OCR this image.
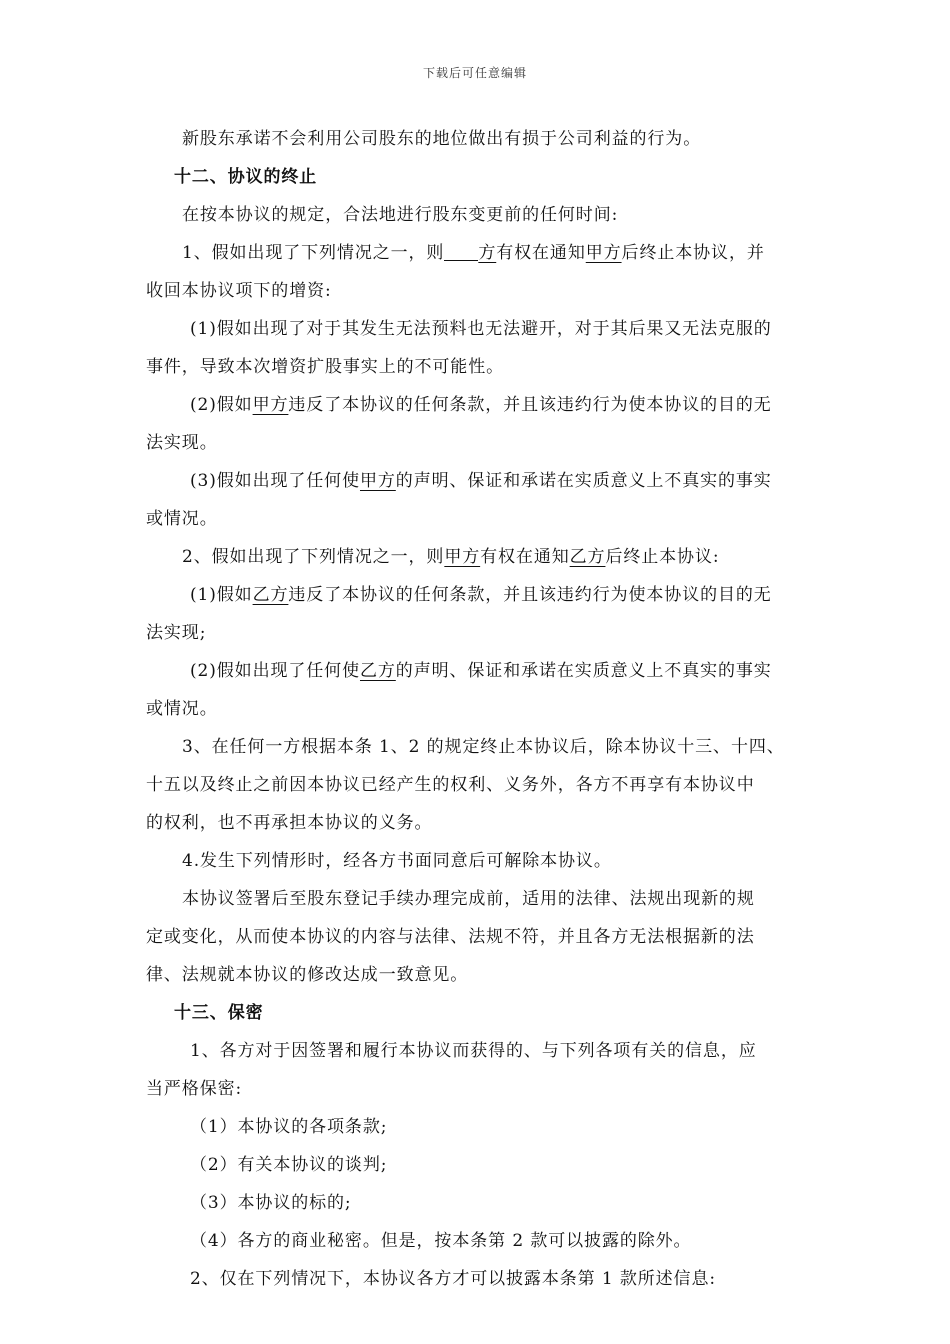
下载后可任意编辑
新股东承诺不会利用公司股东的地位做出有损于公司利益的行为。
十二、协议的终止
在按本协议的规定，合法地进行股东变更前的任何时间:
1、假如出现了下列情况之一，则 方有权在通知甲方后终止本协议，并
收回本协议项下的增资:
(1)假如出现了对于其发生无法预料也无法避开，对于其后果又无法克服的
事件，导致本次增资扩股事实上的不可能性。
(2)假如甲方违反了本协议的任何条款，并且该违约行为使本协议的目的无
法实现。
(3)假如出现了任何使甲方的声明、保证和承诺在实质意义上不真实的事实
或情况。
2、假如出现了下列情况之一，则甲方有权在通知乙方后终止本协议:
(1)假如乙方违反了本协议的任何条款，并且该违约行为使本协议的目的无
法实现;
(2)假如出现了任何使乙方的声明、保证和承诺在实质意义上不真实的事实
或情况。
3、在任何一方根据本条 1、2 的规定终止本协议后，除本协议十三、十四、
十五以及终止之前因本协议已经产生的权利、义务外，各方不再享有本协议中
的权利，也不再承担本协议的义务。
4.发生下列情形时，经各方书面同意后可解除本协议。
本协议签署后至股东登记手续办理完成前，适用的法律、法规出现新的规
定或变化，从而使本协议的内容与法律、法规不符，并且各方无法根据新的法
律、法规就本协议的修改达成一致意见。
十三、保密
1、各方对于因签署和履行本协议而获得的、与下列各项有关的信息，应
当严格保密:
（1）本协议的各项条款;
（2）有关本协议的谈判;
（3）本协议的标的;
（4）各方的商业秘密。但是，按本条第 2 款可以披露的除外。
2、仅在下列情况下，本协议各方才可以披露本条第 1 款所述信息:
